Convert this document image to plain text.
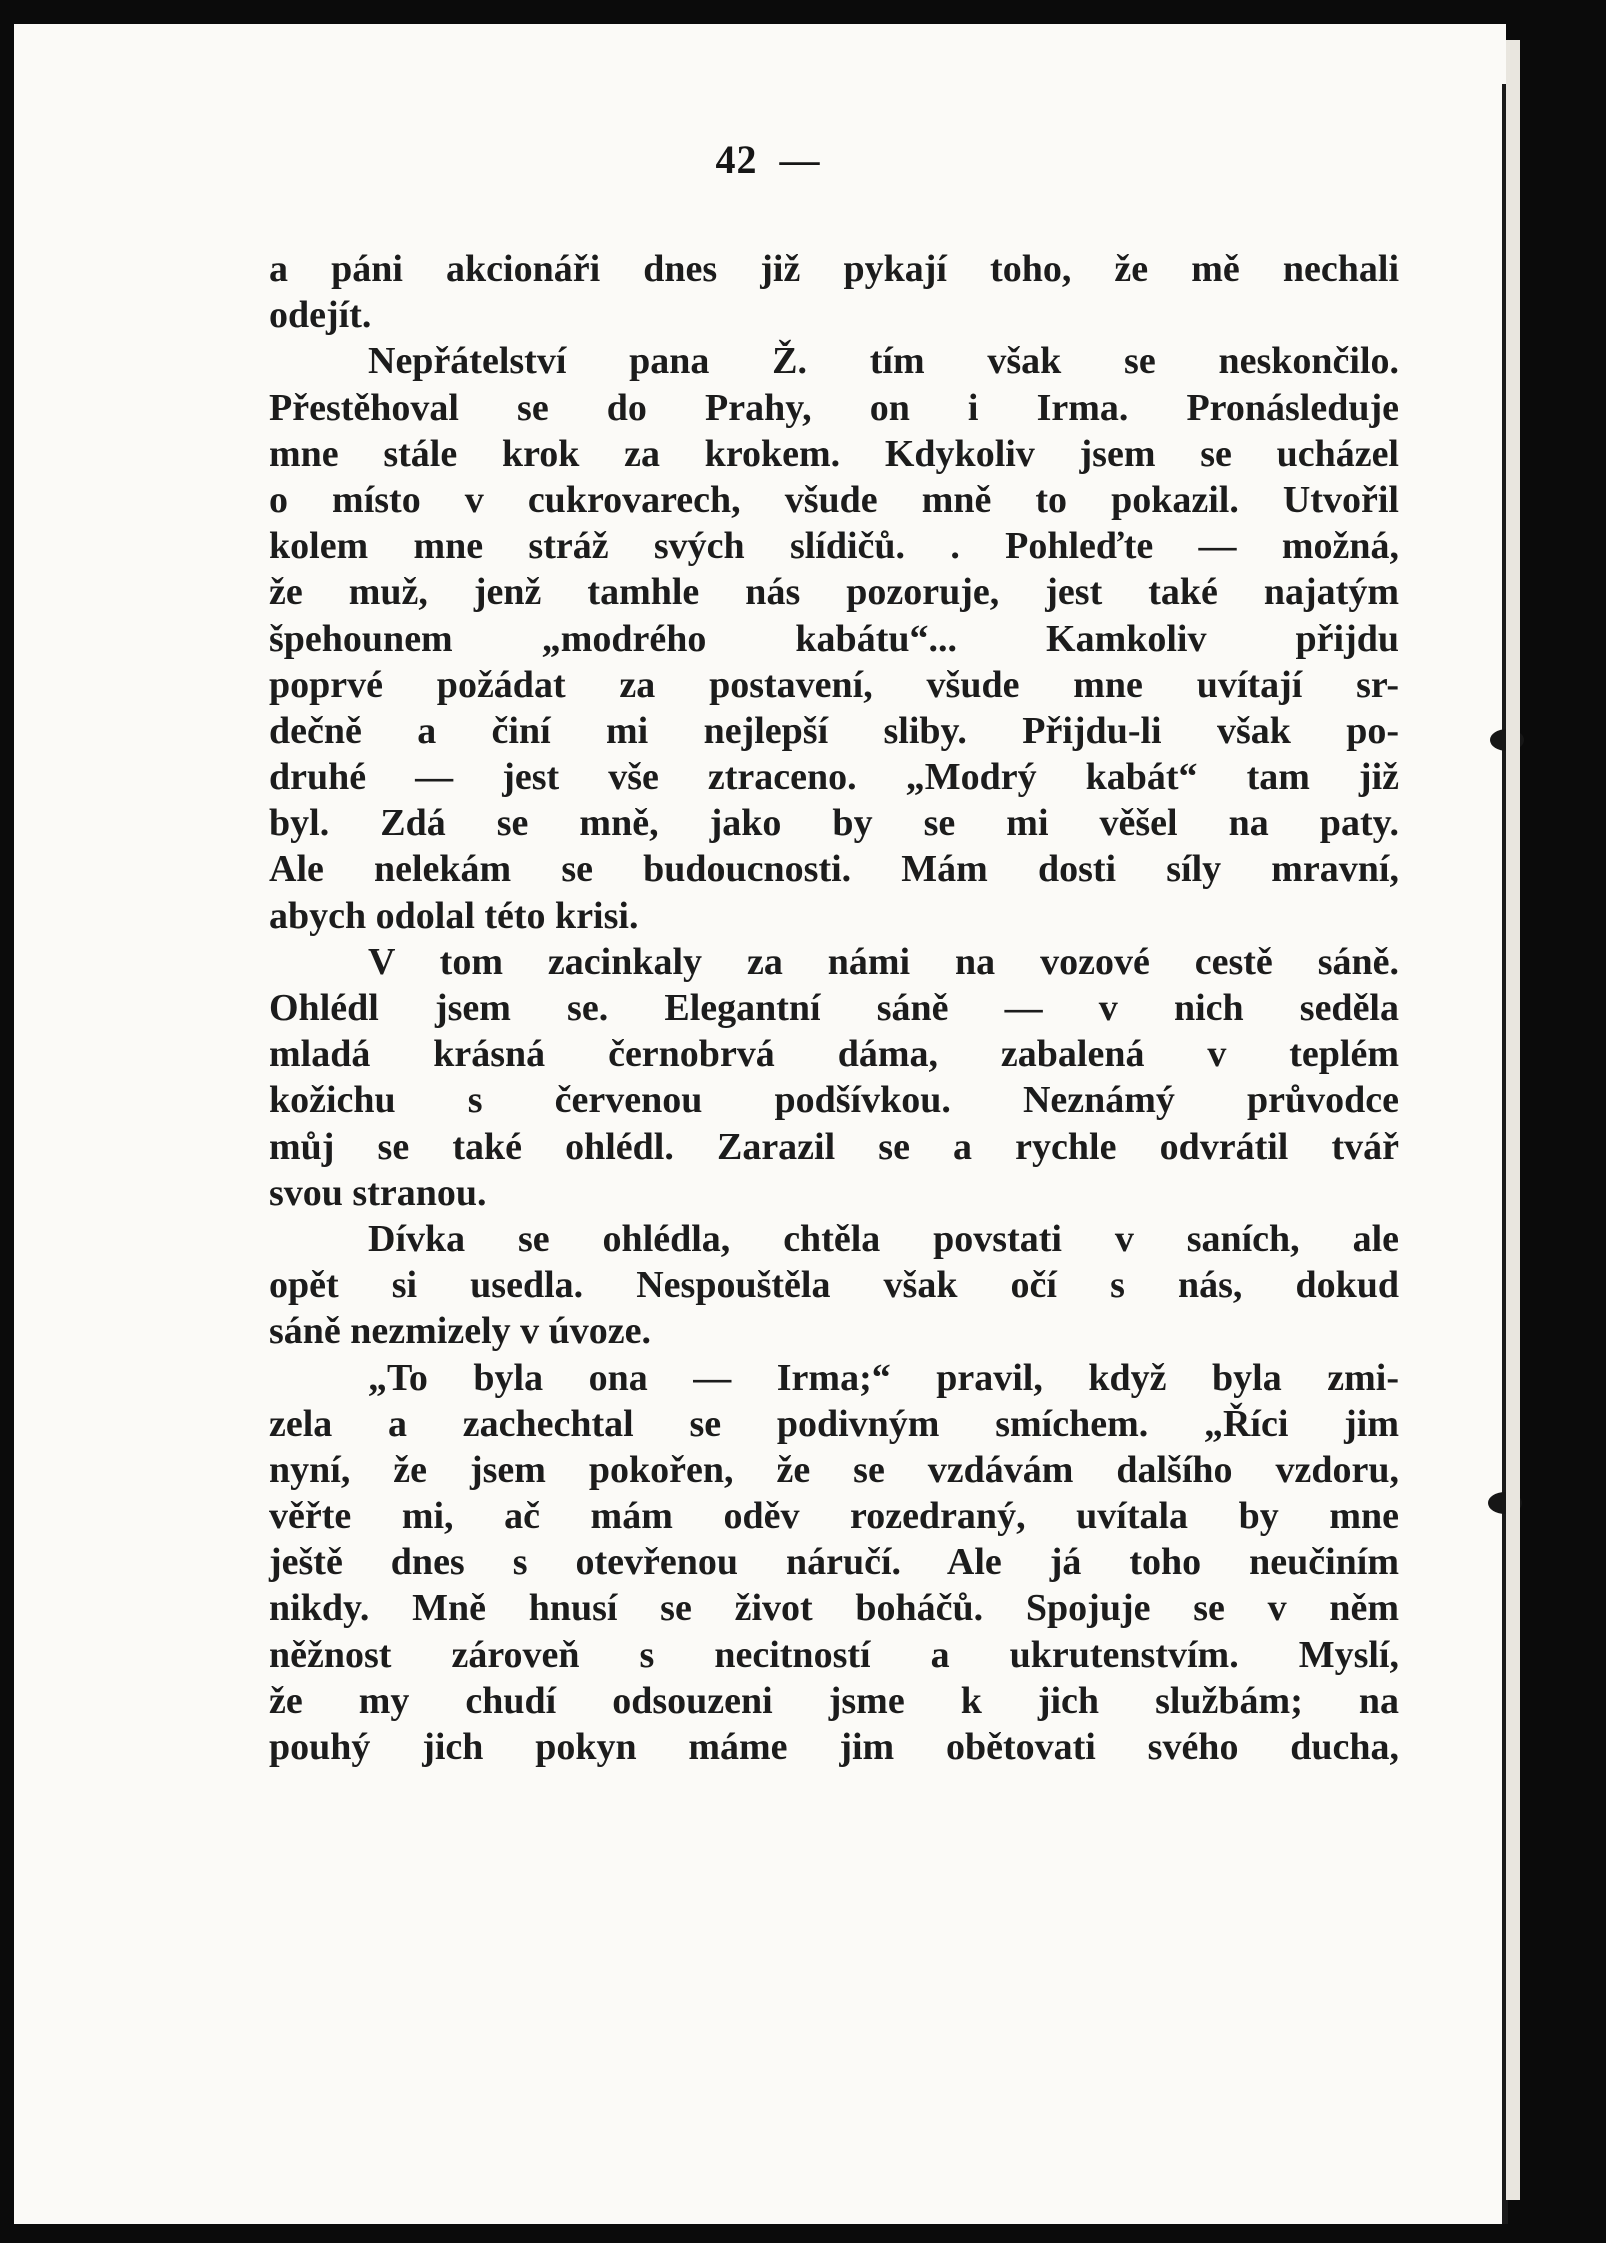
42 —
a páni akcionáři dnes již pykají toho, že mě nechali
odejít.
Nepřátelství pana Ž. tím však se neskončilo.
Přestěhoval se do Prahy, on i Irma. Pronásleduje
mne stále krok za krokem. Kdykoliv jsem se ucházel
o místo v cukrovarech, všude mně to pokazil. Utvořil
kolem mne stráž svých slídičů. . Pohleďte — možná,
že muž, jenž tamhle nás pozoruje, jest také najatým
špehounem „modrého kabátu“... Kamkoliv přijdu
poprvé požádat za postavení, všude mne uvítají sr-
dečně a činí mi nejlepší sliby. Přijdu-li však po-
druhé — jest vše ztraceno. „Modrý kabát“ tam již
byl. Zdá se mně, jako by se mi věšel na paty.
Ale nelekám se budoucnosti. Mám dosti síly mravní,
abych odolal této krisi.
V tom zacinkaly za námi na vozové cestě sáně.
Ohlédl jsem se. Elegantní sáně — v nich seděla
mladá krásná černobrvá dáma, zabalená v teplém
kožichu s červenou podšívkou. Neznámý průvodce
můj se také ohlédl. Zarazil se a rychle odvrátil tvář
svou stranou.
Dívka se ohlédla, chtěla povstati v saních, ale
opět si usedla. Nespouštěla však očí s nás, dokud
sáně nezmizely v úvoze.
„To byla ona — Irma;“ pravil, když byla zmi-
zela a zachechtal se podivným smíchem. „Říci jim
nyní, že jsem pokořen, že se vzdávám dalšího vzdoru,
věřte mi, ač mám oděv rozedraný, uvítala by mne
ještě dnes s otevřenou náručí. Ale já toho neučiním
nikdy. Mně hnusí se život boháčů. Spojuje se v něm
něžnost zároveň s necitností a ukrutenstvím. Myslí,
že my chudí odsouzeni jsme k jich službám; na
pouhý jich pokyn máme jim obětovati svého ducha,
